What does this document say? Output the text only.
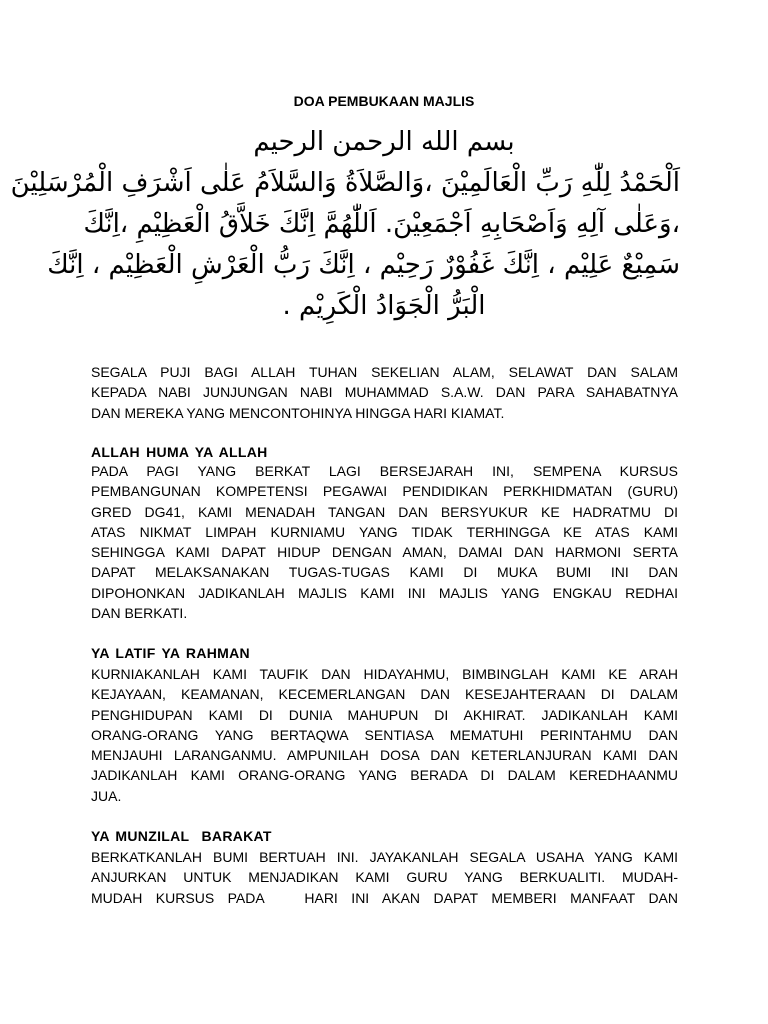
DOA PEMBUKAAN MAJLIS
بسم الله الرحمن الرحيم
اَلْحَمْدُ لِلّٰهِ رَبِّ الْعَالَمِيْنَ ،وَالصَّلاَةُ وَالسَّلاَمُ عَلٰى اَشْرَفِ الْمُرْسَلِيْنَ
،وَعَلٰى آلِهِ وَاَصْحَابِهِ اَجْمَعِيْنَ. اَللّٰهُمَّ اِنَّكَ خَلاَّقُ الْعَظِيْمِ ،اِنَّكَ
سَمِيْعٌ عَلِيْم ، اِنَّكَ غَفُوْرٌ رَحِيْم ، اِنَّكَ رَبُّ الْعَرْشِ الْعَظِيْم ، اِنَّكَ
الْبَرُّ الْجَوَادُ الْكَرِيْم .
SEGALA PUJI BAGI ALLAH TUHAN SEKELIAN ALAM, SELAWAT DAN SALAM
KEPADA NABI JUNJUNGAN NABI MUHAMMAD S.A.W. DAN PARA SAHABATNYA
DAN MEREKA YANG MENCONTOHINYA HINGGA HARI KIAMAT.
ALLAH HUMA YA ALLAH
PADA PAGI YANG BERKAT LAGI BERSEJARAH INI, SEMPENA KURSUS
PEMBANGUNAN KOMPETENSI PEGAWAI PENDIDIKAN PERKHIDMATAN (GURU)
GRED DG41, KAMI MENADAH TANGAN DAN BERSYUKUR KE HADRATMU DI
ATAS NIKMAT LIMPAH KURNIAMU YANG TIDAK TERHINGGA KE ATAS KAMI
SEHINGGA KAMI DAPAT HIDUP DENGAN AMAN, DAMAI DAN HARMONI SERTA
DAPAT MELAKSANAKAN TUGAS-TUGAS KAMI DI MUKA BUMI INI DAN
DIPOHONKAN JADIKANLAH MAJLIS KAMI INI MAJLIS YANG ENGKAU REDHAI
DAN BERKATI.
YA LATIF YA RAHMAN
KURNIAKANLAH KAMI TAUFIK DAN HIDAYAHMU, BIMBINGLAH KAMI KE ARAH
KEJAYAAN, KEAMANAN, KECEMERLANGAN DAN KESEJAHTERAAN DI DALAM
PENGHIDUPAN KAMI DI DUNIA MAHUPUN DI AKHIRAT. JADIKANLAH KAMI
ORANG-ORANG YANG BERTAQWA SENTIASA MEMATUHI PERINTAHMU DAN
MENJAUHI LARANGANMU. AMPUNILAH DOSA DAN KETERLANJURAN KAMI DAN
JADIKANLAH KAMI ORANG-ORANG YANG BERADA DI DALAM KEREDHAANMU
JUA.
YA MUNZILAL  BARAKAT
BERKATKANLAH BUMI BERTUAH INI. JAYAKANLAH SEGALA USAHA YANG KAMI
ANJURKAN UNTUK MENJADIKAN KAMI GURU YANG BERKUALITI. MUDAH-
MUDAH KURSUS PADA   HARI INI AKAN DAPAT MEMBERI MANFAAT DAN
